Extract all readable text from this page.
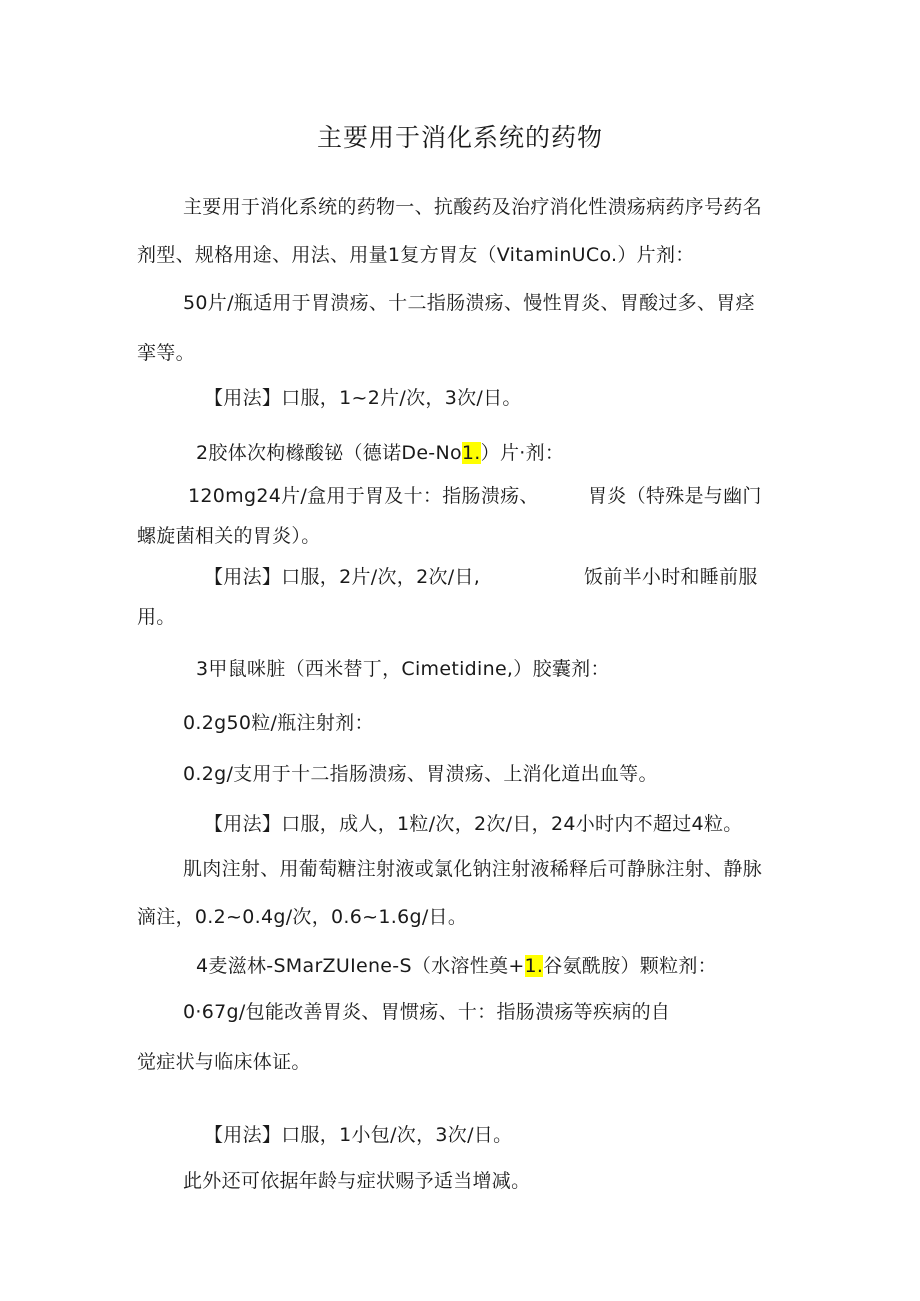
主要用于消化系统的药物
主要用于消化系统的药物一、抗酸药及治疗消化性溃疡病药序号药名
剂型、规格用途、用法、用量1复方胃友（VitaminUCo.）片剂：
50片/瓶适用于胃溃疡、十二指肠溃疡、慢性胃炎、胃酸过多、胃痉
挛等。
【用法】口服，1~2片/次，3次/日。
2胶体次枸橼酸铋（德诺De-No1.）片·剂：
120mg24片/盒用于胃及十：指肠溃疡、	胃炎（特殊是与幽门
螺旋菌相关的胃炎）。
【用法】口服，2片/次，2次/日,	饭前半小时和睡前服
用。
3甲鼠咪脏（西米替丁，Cimetidine,）胶囊剂：
0.2g50粒/瓶注射剂：
0.2g/支用于十二指肠溃疡、胃溃疡、上消化道出血等。
【用法】口服，成人，1粒/次，2次/日，24小时内不超过4粒。
肌肉注射、用葡萄糖注射液或氯化钠注射液稀释后可静脉注射、静脉
滴注，0.2~0.4g/次，0.6~1.6g/日。
4麦滋林-SMarZUIene-S（水溶性奠+1.谷氨酰胺）颗粒剂：
0·67g/包能改善胃炎、胃惯疡、十：指肠溃疡等疾病的自
觉症状与临床体证。
【用法】口服，1小包/次，3次/日。
此外还可依据年龄与症状赐予适当增减。
